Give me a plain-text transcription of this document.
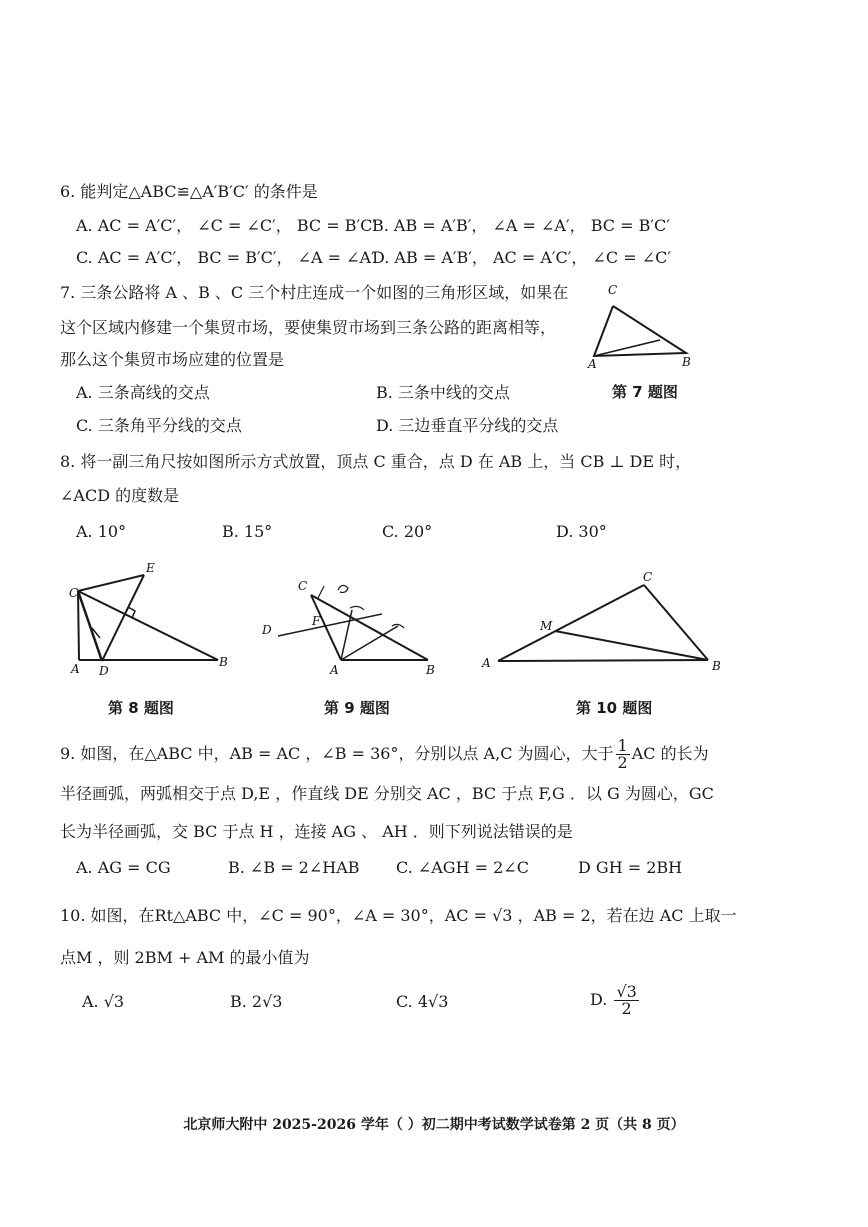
6. 能判定△ABC≌△A′B′C′ 的条件是
A. AC = A′C′， ∠C = ∠C′， BC = B′C′
B. AB = A′B′， ∠A = ∠A′， BC = B′C′
C. AC = A′C′， BC = B′C′， ∠A = ∠A′
D. AB = A′B′， AC = A′C′， ∠C = ∠C′
7. 三条公路将 A 、B 、C 三个村庄连成一个如图的三角形区域，如果在
这个区域内修建一个集贸市场，要使集贸市场到三条公路的距离相等，
那么这个集贸市场应建的位置是
A. 三条高线的交点	B. 三条中线的交点
C. 三条角平分线的交点	D. 三边垂直平分线的交点
C
A	B
第 7 题图
8. 将一副三角尺按如图所示方式放置，顶点 C 重合，点 D 在 AB 上，当 CB ⊥ DE 时，
∠ACD 的度数是
A. 10°	B. 15°	C. 20°	D. 30°
C
E
A D
B
第 8 题图
C
D
F
A	B
第 9 题图
C
M
A	B
第 10 题图
9. 如图，在△ABC 中，AB = AC ，∠B = 36°，分别以点 A,C 为圆心，大于 $\frac{1}{2}$ AC 的长为
半径画弧，两弧相交于点 D,E ，作直线 DE 分别交 AC ，BC 于点 F,G ．以 G 为圆心，GC
长为半径画弧，交 BC 于点 H ，连接 AG 、 AH ．则下列说法错误的是
A. AG = CG	B. ∠B = 2∠HAB C. ∠AGH = 2∠C	D GH = 2BH
10. 如图，在Rt△ABC 中，∠C = 90°，∠A = 30°，AC = √3 ，AB = 2，若在边 AC 上取一
点M ，则 2BM + AM 的最小值为
A. √3	B. 2√3	C. 4√3	D. $\frac{√3}{2}$
北京师大附中 2025-2026 学年（ ）初二期中考试数学试卷第 2 页（共 8 页）
